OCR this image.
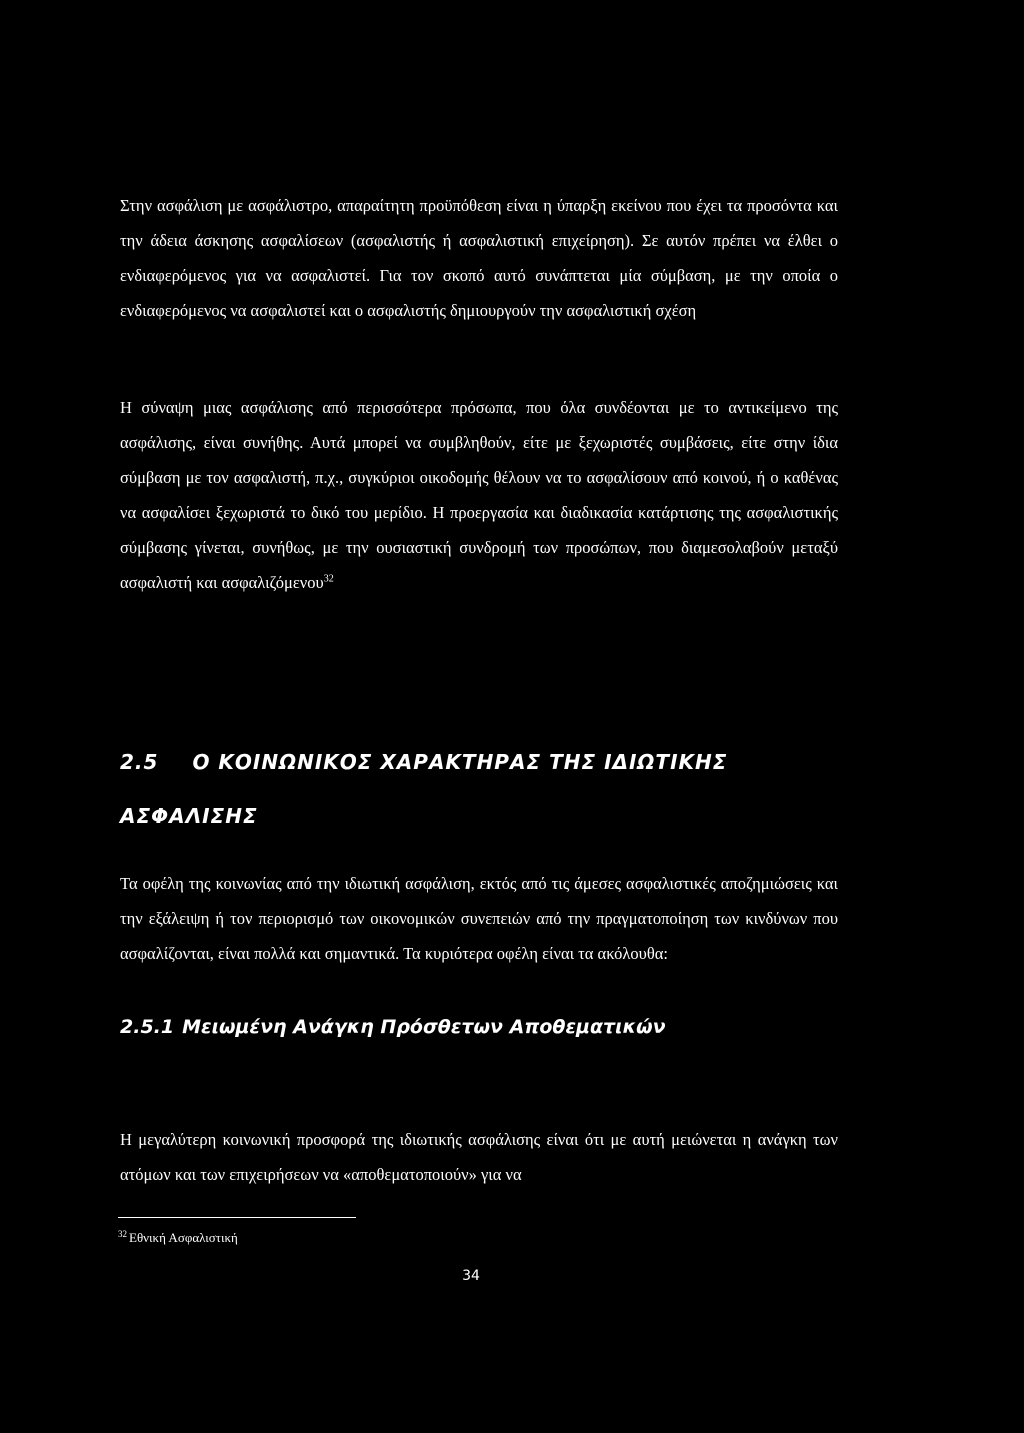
Στην ασφάλιση με ασφάλιστρο, απαραίτητη προϋπόθεση είναι η ύπαρξη εκείνου που έχει τα προσόντα και την άδεια άσκησης ασφαλίσεων (ασφαλιστής ή ασφαλιστική επιχείρηση). Σε αυτόν πρέπει να έλθει ο ενδιαφερόμενος για να ασφαλιστεί. Για τον σκοπό αυτό συνάπτεται μία σύμβαση, με την οποία ο ενδιαφερόμενος να ασφαλιστεί και ο ασφαλιστής δημιουργούν την ασφαλιστική σχέση

Η σύναψη μιας ασφάλισης από περισσότερα πρόσωπα, που όλα συνδέονται με το αντικείμενο της ασφάλισης, είναι συνήθης. Αυτά μπορεί να συμβληθούν, είτε με ξεχωριστές συμβάσεις, είτε στην ίδια σύμβαση με τον ασφαλιστή, π.χ., συγκύριοι οικοδομής θέλουν να το ασφαλίσουν από κοινού, ή ο καθένας να ασφαλίσει ξεχωριστά το δικό του μερίδιο. Η προεργασία και διαδικασία κατάρτισης της ασφαλιστικής σύμβασης γίνεται, συνήθως, με την ουσιαστική συνδρομή των προσώπων, που διαμεσολαβούν μεταξύ ασφαλιστή και ασφαλιζόμενου$^{32}$

2.5 Ο ΚΟΙΝΩΝΙΚΟΣ ΧΑΡΑΚΤΗΡΑΣ ΤΗΣ ΙΔΙΩΤΙΚΗΣ
ΑΣΦΑΛΙΣΗΣ

Τα οφέλη της κοινωνίας από την ιδιωτική ασφάλιση, εκτός από τις άμεσες ασφαλιστικές αποζημιώσεις και την εξάλειψη ή τον περιορισμό των οικονομικών συνεπειών από την πραγματοποίηση των κινδύνων που ασφαλίζονται, είναι πολλά και σημαντικά. Τα κυριότερα οφέλη είναι τα ακόλουθα:

2.5.1 Μειωμένη Ανάγκη Πρόσθετων Αποθεματικών

Η μεγαλύτερη κοινωνική προσφορά της ιδιωτικής ασφάλισης είναι ότι με αυτή μειώνεται η ανάγκη των ατόμων και των επιχειρήσεων να «αποθεματοποιούν» για να

$^{32}$ Εθνική Ασφαλιστική
34
